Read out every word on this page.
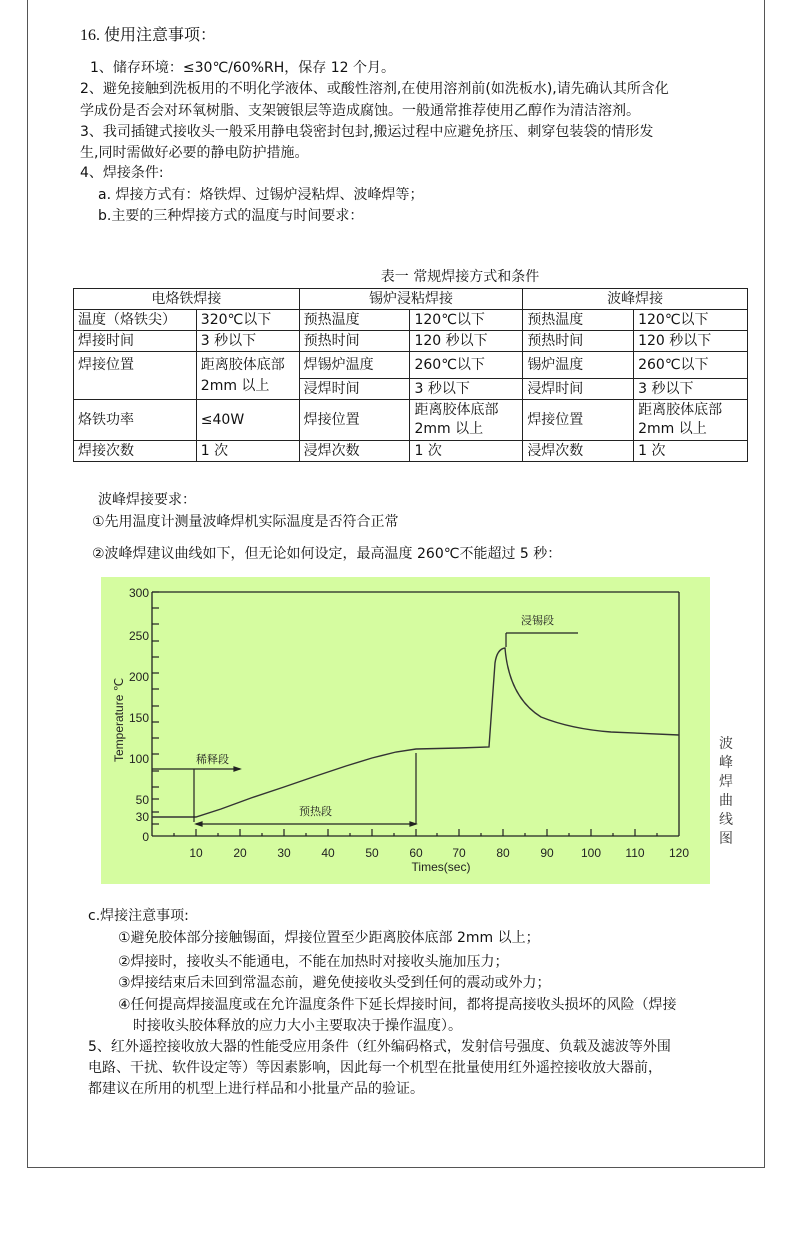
16. 使用注意事项：
1、储存环境：≤30℃/60%RH，保存 12 个月。
2、避免接触到洗板用的不明化学液体、或酸性溶剂,在使用溶剂前(如洗板水),请先确认其所含化
学成份是否会对环氧树脂、支架镀银层等造成腐蚀。一般通常推荐使用乙醇作为清洁溶剂。
3、我司插键式接收头一般采用静电袋密封包封,搬运过程中应避免挤压、刺穿包装袋的情形发
生,同时需做好必要的静电防护措施。
4、焊接条件:
a. 焊接方式有：烙铁焊、过锡炉浸粘焊、波峰焊等；
b.主要的三种焊接方式的温度与时间要求：
表一 常规焊接方式和条件
电烙铁焊接		锡炉浸粘焊接		波峰焊接	
温度（烙铁尖）	320℃以下	预热温度	120℃以下	预热温度	120℃以下
焊接时间	3 秒以下	预热时间	120 秒以下	预热时间	120 秒以下
焊接位置	距离胶体底部 2mm 以上	焊锡炉温度	260℃以下	锡炉温度	260℃以下
		浸焊时间	3 秒以下	浸焊时间	3 秒以下
烙铁功率	≤40W	焊接位置	距离胶体底部2mm 以上	焊接位置	距离胶体底部2mm 以上
焊接次数	1 次	浸焊次数	1 次	浸焊次数	1 次
波峰焊接要求：
①先用温度计测量波峰焊机实际温度是否符合正常
②波峰焊建议曲线如下，但无论如何设定，最高温度 260℃不能超过 5 秒：
300
250
200
150
100
50
30
0
Temperature ℃
10	20	30	40	50	60 70	80	90 100 110 120
Times(sec)
稀释段
预热段
浸锡段
波峰焊曲线图
c.焊接注意事项:
①避免胶体部分接触锡面，焊接位置至少距离胶体底部 2mm 以上；
②焊接时，接收头不能通电，不能在加热时对接收头施加压力；
③焊接结束后未回到常温态前，避免使接收头受到任何的震动或外力；
④任何提高焊接温度或在允许温度条件下延长焊接时间，都将提高接收头损坏的风险（焊接
时接收头胶体释放的应力大小主要取决于操作温度）。
5、红外遥控接收放大器的性能受应用条件（红外编码格式，发射信号强度、负载及滤波等外围
电路、干扰、软件设定等）等因素影响，因此每一个机型在批量使用红外遥控接收放大器前，
都建议在所用的机型上进行样品和小批量产品的验证。
